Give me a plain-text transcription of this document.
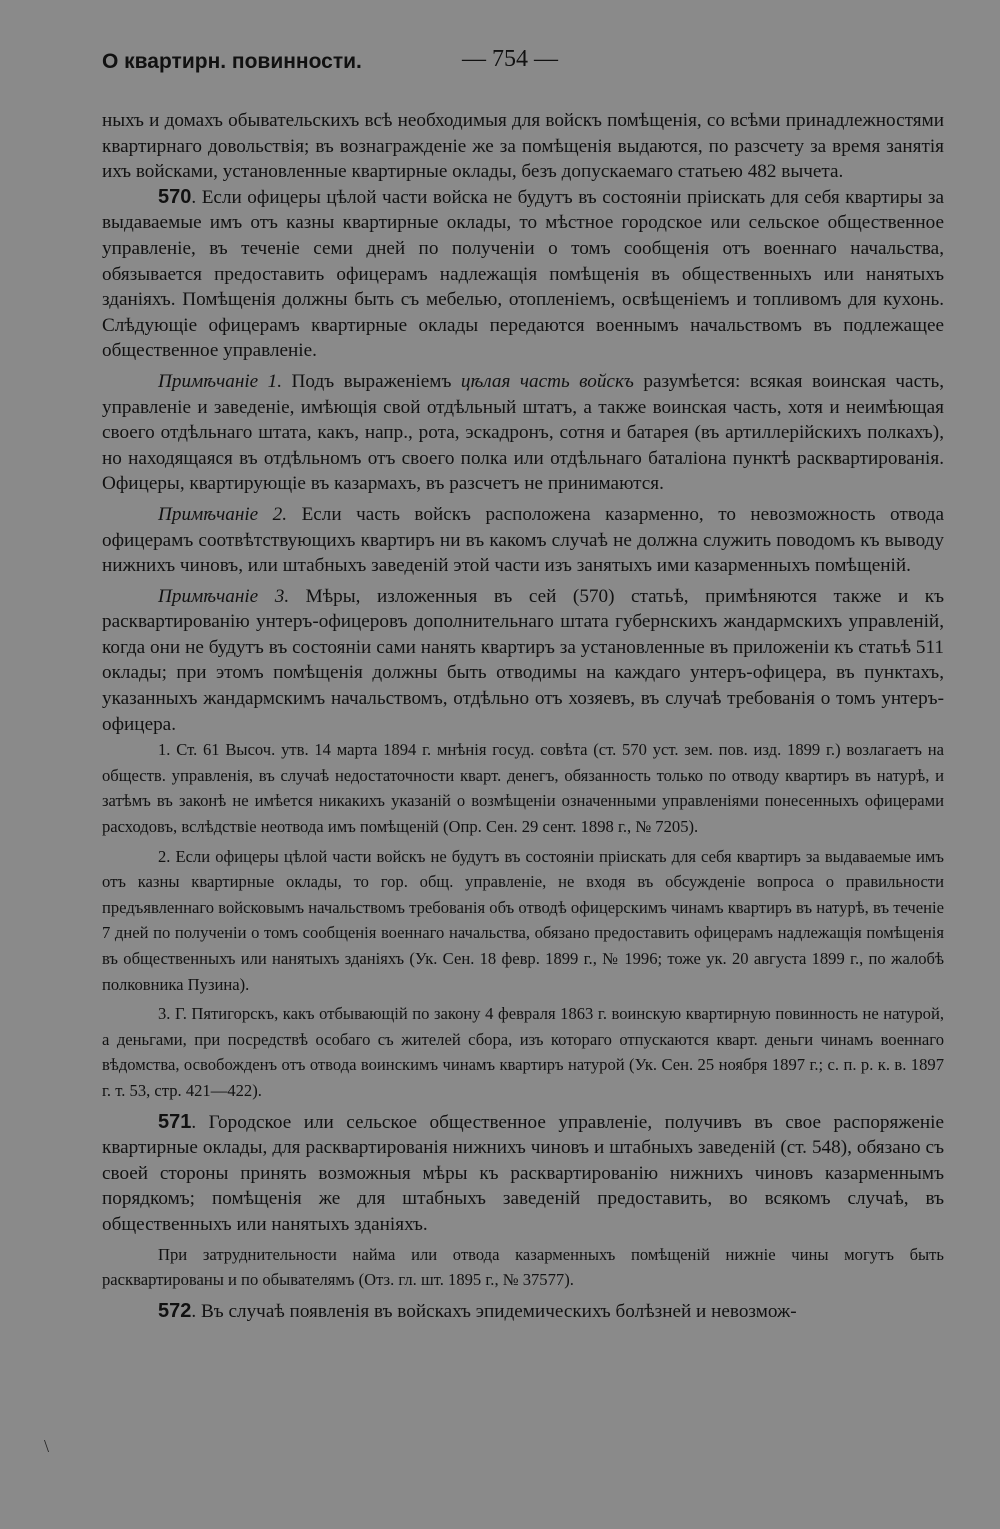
О квартирн. повинности.	— 754 —

ныхъ и домахъ обывательскихъ всѣ необходимыя для войскъ помѣщенія, со всѣми принадлежностями квартирнаго довольствія; въ вознагражденіе же за помѣщенія выдаются, по разсчету за время занятія ихъ войсками, установленные квартирные оклады, безъ допускаемаго статьею 482 вычета.

570. Если офицеры цѣлой части войска не будутъ въ состояніи пріискать для себя квартиры за выдаваемые имъ отъ казны квартирные оклады, то мѣстное городское или сельское общественное управленіе, въ теченіе семи дней по полученіи о томъ сообщенія отъ военнаго начальства, обязывается предоставить офицерамъ надлежащія помѣщенія въ общественныхъ или нанятыхъ зданіяхъ. Помѣщенія должны быть съ мебелью, отопленіемъ, освѣщеніемъ и топливомъ для кухонь. Слѣдующіе офицерамъ квартирные оклады передаются военнымъ начальствомъ въ подлежащее общественное управленіе.

Примѣчаніе 1. Подъ выраженіемъ цѣлая часть войскъ разумѣется: всякая воинская часть, управленіе и заведеніе, имѣющія свой отдѣльный штатъ, а также воинская часть, хотя и неимѣющая своего отдѣльнаго штата, какъ, напр., рота, эскадронъ, сотня и батарея (въ артиллерійскихъ полкахъ), но находящаяся въ отдѣльномъ отъ своего полка или отдѣльнаго баталіона пунктѣ расквартированія. Офицеры, квартирующіе въ казармахъ, въ разсчетъ не принимаются.

Примѣчаніе 2. Если часть войскъ расположена казарменно, то невозможность отвода офицерамъ соотвѣтствующихъ квартиръ ни въ какомъ случаѣ не должна служить поводомъ къ выводу нижнихъ чиновъ, или штабныхъ заведеній этой части изъ занятыхъ ими казарменныхъ помѣщеній.

Примѣчаніе 3. Мѣры, изложенныя въ сей (570) статьѣ, примѣняются также и къ расквартированію унтеръ-офицеровъ дополнительнаго штата губернскихъ жандармскихъ управленій, когда они не будутъ въ состояніи сами нанять квартиръ за установленные въ приложеніи къ статьѣ 511 оклады; при этомъ помѣщенія должны быть отводимы на каждаго унтеръ-офицера, въ пунктахъ, указанныхъ жандармскимъ начальствомъ, отдѣльно отъ хозяевъ, въ случаѣ требованія о томъ унтеръ-офицера.

1. Ст. 61 Высоч. утв. 14 марта 1894 г. мнѣнія госуд. совѣта (ст. 570 уст. зем. пов. изд. 1899 г.) возлагаетъ на обществ. управленія, въ случаѣ недостаточности кварт. денегъ, обязанность только по отводу квартиръ въ натурѣ, и затѣмъ въ законѣ не имѣется никакихъ указаній о возмѣщеніи означенными управленіями понесенныхъ офицерами расходовъ, вслѣдствіе неотвода имъ помѣщеній (Опр. Сен. 29 сент. 1898 г., № 7205).

2. Если офицеры цѣлой части войскъ не будутъ въ состояніи пріискать для себя квартиръ за выдаваемые имъ отъ казны квартирные оклады, то гор. общ. управленіе, не входя въ обсужденіе вопроса о правильности предъявленнаго войсковымъ начальствомъ требованія объ отводѣ офицерскимъ чинамъ квартиръ въ натурѣ, въ теченіе 7 дней по полученіи о томъ сообщенія военнаго начальства, обязано предоставить офицерамъ надлежащія помѣщенія въ общественныхъ или нанятыхъ зданіяхъ (Ук. Сен. 18 февр. 1899 г., № 1996; тоже ук. 20 августа 1899 г., по жалобѣ полковника Пузина).

3. Г. Пятигорскъ, какъ отбывающій по закону 4 февраля 1863 г. воинскую квартирную повинность не натурой, а деньгами, при посредствѣ особаго съ жителей сбора, изъ котораго отпускаются кварт. деньги чинамъ военнаго вѣдомства, освобожденъ отъ отвода воинскимъ чинамъ квартиръ натурой (Ук. Сен. 25 ноября 1897 г.; с. п. р. к. в. 1897 г. т. 53, стр. 421—422).

571. Городское или сельское общественное управленіе, получивъ въ свое распоряженіе квартирные оклады, для расквартированія нижнихъ чиновъ и штабныхъ заведеній (ст. 548), обязано съ своей стороны принять возможныя мѣры къ расквартированію нижнихъ чиновъ казарменнымъ порядкомъ; помѣщенія же для штабныхъ заведеній предоставить, во всякомъ случаѣ, въ общественныхъ или нанятыхъ зданіяхъ.

При затруднительности найма или отвода казарменныхъ помѣщеній нижніе чины могутъ быть расквартированы и по обывателямъ (Отз. гл. шт. 1895 г., № 37577).

572. Въ случаѣ появленія въ войскахъ эпидемическихъ болѣзней и невозмож-

\
